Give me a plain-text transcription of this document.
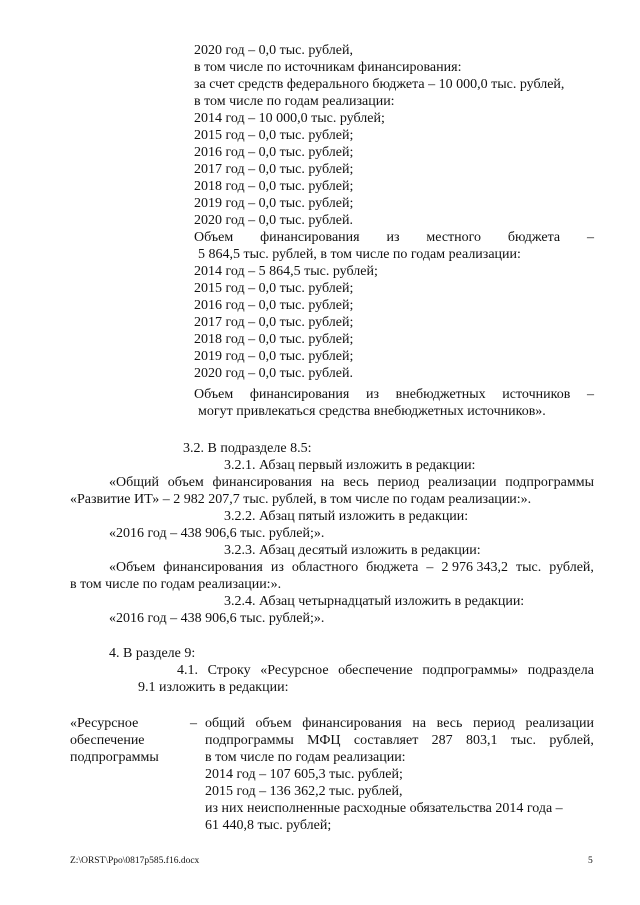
2020 год – 0,0 тыс. рублей,
в том числе по источникам финансирования:
за счет средств федерального бюджета – 10 000,0 тыс. рублей,
в том числе по годам реализации:
2014 год – 10 000,0 тыс. рублей;
2015 год – 0,0 тыс. рублей;
2016 год – 0,0 тыс. рублей;
2017 год – 0,0 тыс. рублей;
2018 год – 0,0 тыс. рублей;
2019 год – 0,0 тыс. рублей;
2020 год – 0,0 тыс. рублей.
Объем финансирования из местного бюджета –
5 864,5 тыс. рублей, в том числе по годам реализации:
2014 год – 5 864,5 тыс. рублей;
2015 год – 0,0 тыс. рублей;
2016 год – 0,0 тыс. рублей;
2017 год – 0,0 тыс. рублей;
2018 год – 0,0 тыс. рублей;
2019 год – 0,0 тыс. рублей;
2020 год – 0,0 тыс. рублей.
Объем финансирования из внебюджетных источников –
могут привлекаться средства внебюджетных источников».
3.2. В подразделе 8.5:
3.2.1. Абзац первый изложить в редакции:
«Общий объем финансирования на весь период реализации подпрограммы
«Развитие ИТ» – 2 982 207,7 тыс. рублей, в том числе по годам реализации:».
3.2.2. Абзац пятый изложить в редакции:
«2016 год – 438 906,6 тыс. рублей;».
3.2.3. Абзац десятый изложить в редакции:
«Объем финансирования из областного бюджета – 2 976 343,2 тыс. рублей,
в том числе по годам реализации:».
3.2.4. Абзац четырнадцатый изложить в редакции:
«2016 год – 438 906,6 тыс. рублей;».
4. В разделе 9:
4.1. Строку «Ресурсное обеспечение подпрограммы» подраздела
9.1 изложить в редакции:
«Ресурсное
обеспечение
подпрограммы
– общий объем финансирования на весь период реализации
подпрограммы МФЦ составляет 287 803,1 тыс. рублей,
в том числе по годам реализации:
2014 год – 107 605,3 тыс. рублей;
2015 год – 136 362,2 тыс. рублей,
из них неисполненные расходные обязательства 2014 года –
61 440,8 тыс. рублей;
Z:\ORST\Ppo\0817p585.f16.docx	5
